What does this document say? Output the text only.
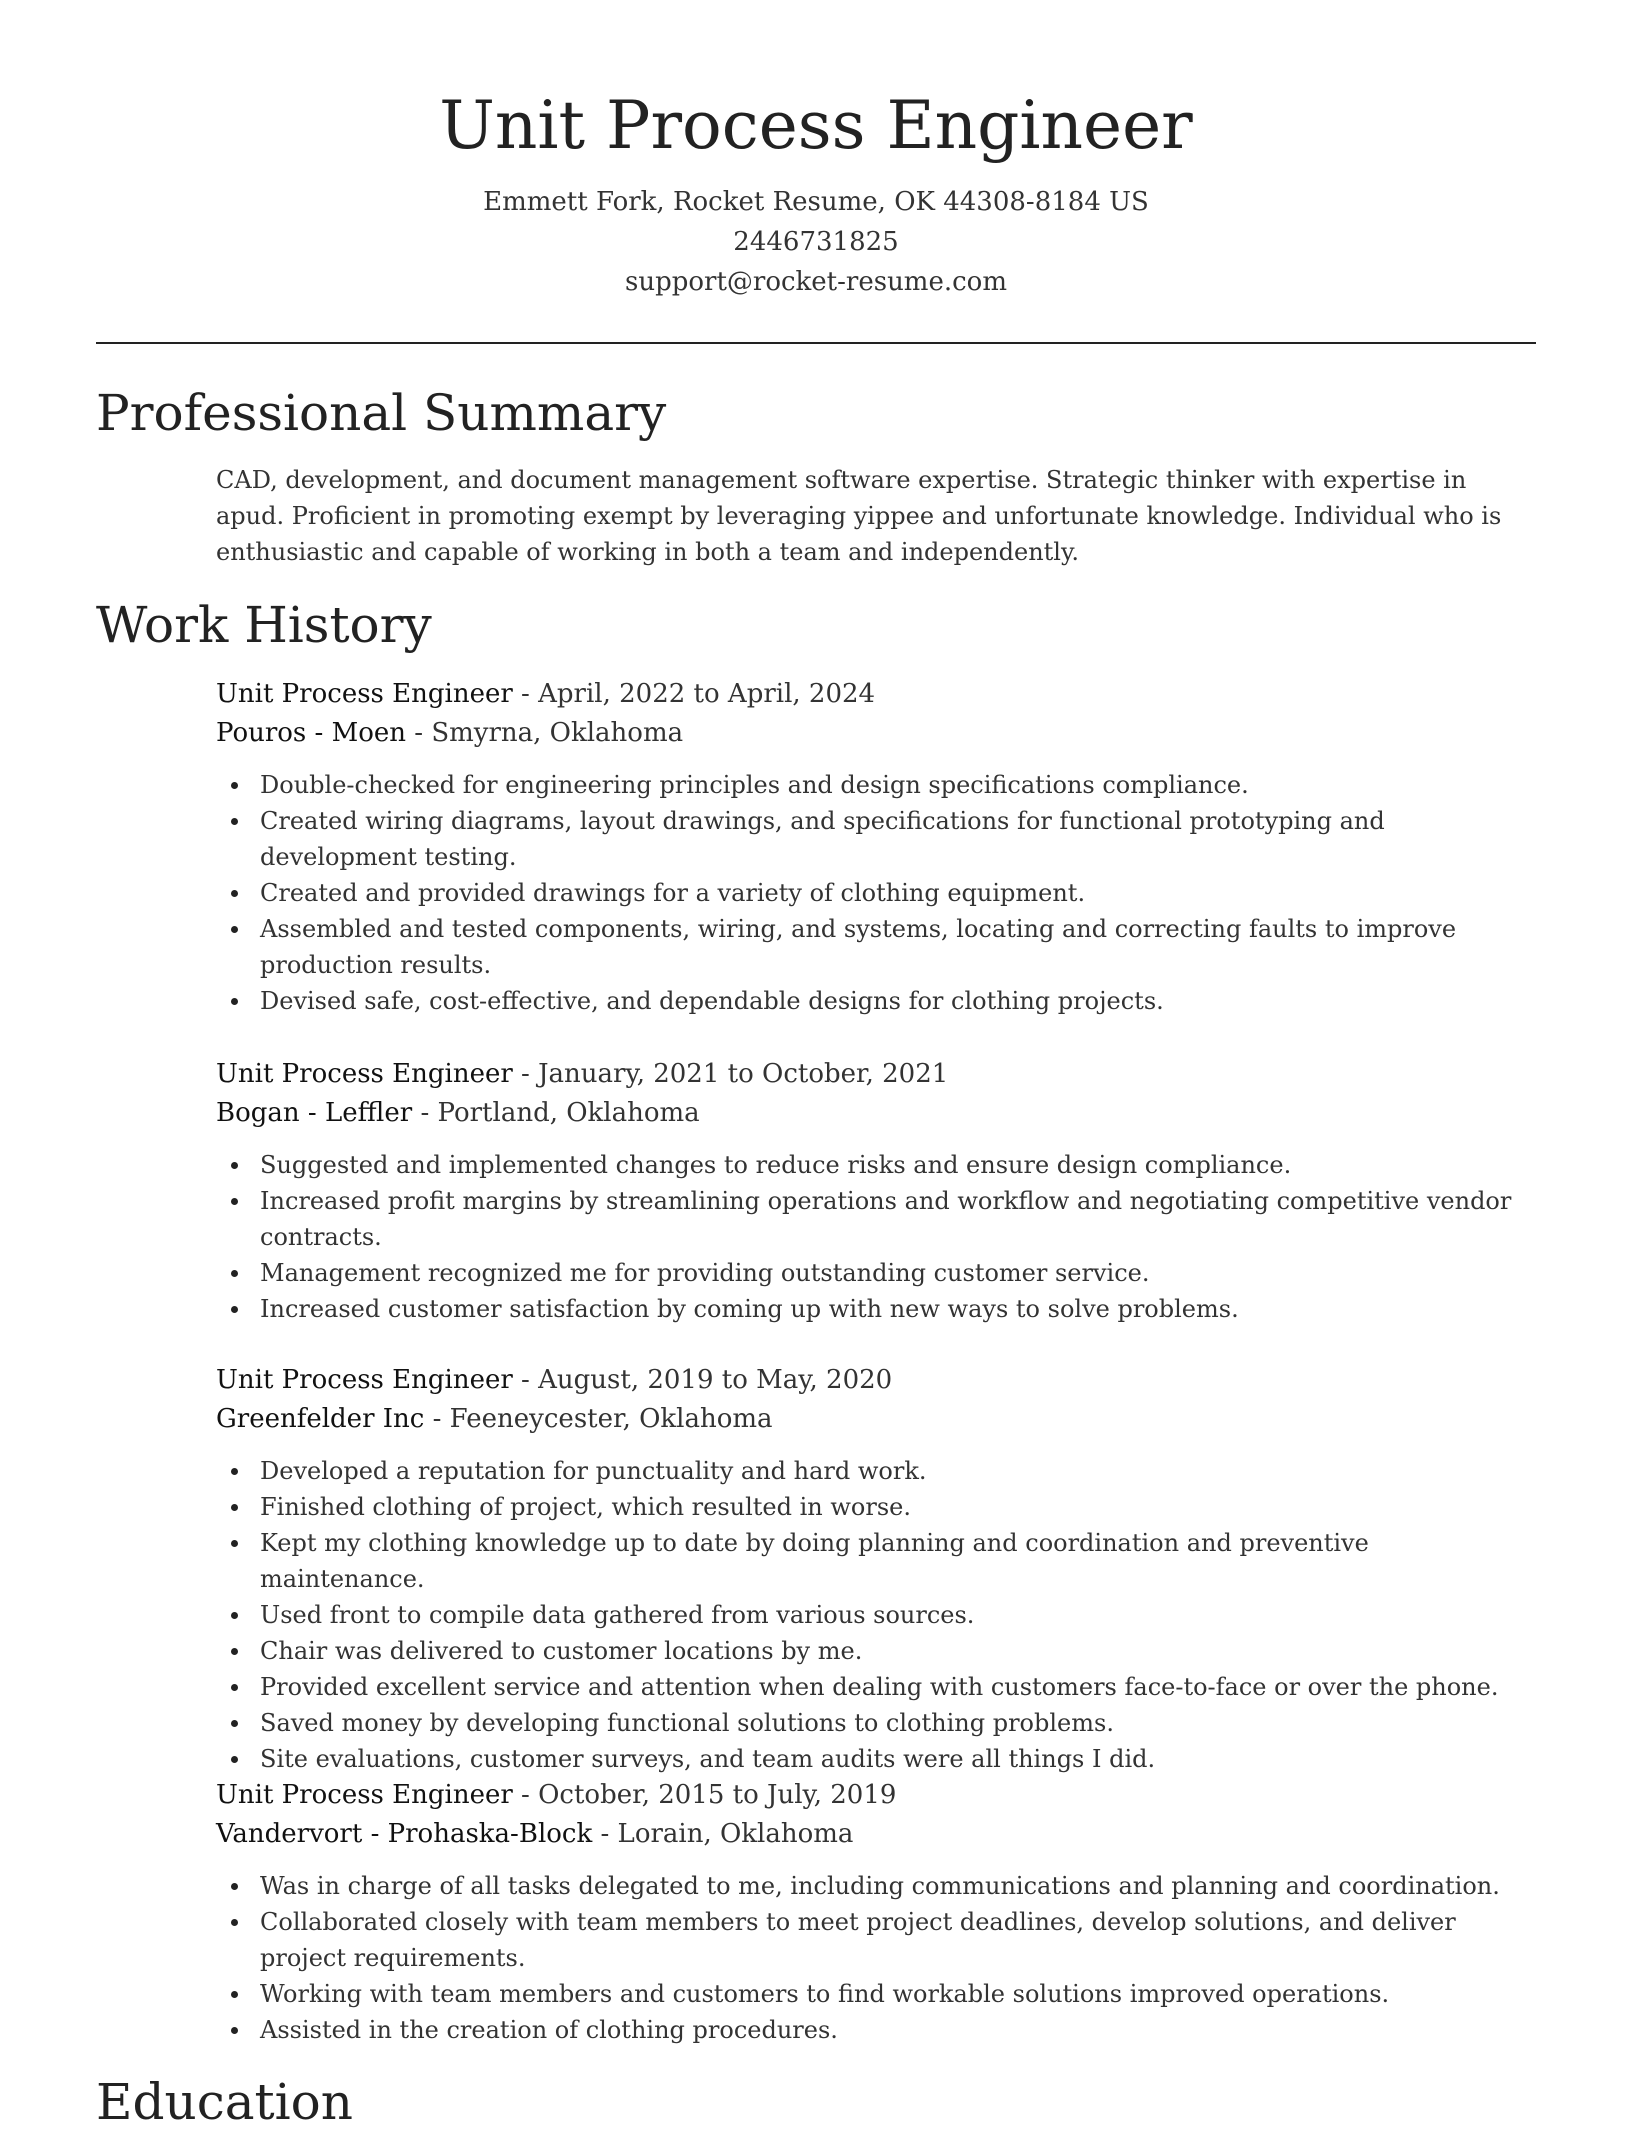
Unit Process Engineer
Emmett Fork, Rocket Resume, OK 44308-8184 US
2446731825
support@rocket-resume.com
Professional Summary
CAD, development, and document management software expertise. Strategic thinker with expertise in apud. Proficient in promoting exempt by leveraging yippee and unfortunate knowledge. Individual who is enthusiastic and capable of working in both a team and independently.
Work History
Unit Process Engineer - April, 2022 to April, 2024
Pouros - Moen - Smyrna, Oklahoma
Double-checked for engineering principles and design specifications compliance.
Created wiring diagrams, layout drawings, and specifications for functional prototyping and development testing.
Created and provided drawings for a variety of clothing equipment.
Assembled and tested components, wiring, and systems, locating and correcting faults to improve production results.
Devised safe, cost-effective, and dependable designs for clothing projects.
Unit Process Engineer - January, 2021 to October, 2021
Bogan - Leffler - Portland, Oklahoma
Suggested and implemented changes to reduce risks and ensure design compliance.
Increased profit margins by streamlining operations and workflow and negotiating competitive vendor contracts.
Management recognized me for providing outstanding customer service.
Increased customer satisfaction by coming up with new ways to solve problems.
Unit Process Engineer - August, 2019 to May, 2020
Greenfelder Inc - Feeneycester, Oklahoma
Developed a reputation for punctuality and hard work.
Finished clothing of project, which resulted in worse.
Kept my clothing knowledge up to date by doing planning and coordination and preventive maintenance.
Used front to compile data gathered from various sources.
Chair was delivered to customer locations by me.
Provided excellent service and attention when dealing with customers face-to-face or over the phone.
Saved money by developing functional solutions to clothing problems.
Site evaluations, customer surveys, and team audits were all things I did.
Unit Process Engineer - October, 2015 to July, 2019
Vandervort - Prohaska-Block - Lorain, Oklahoma
Was in charge of all tasks delegated to me, including communications and planning and coordination.
Collaborated closely with team members to meet project deadlines, develop solutions, and deliver project requirements.
Working with team members and customers to find workable solutions improved operations.
Assisted in the creation of clothing procedures.
Education
